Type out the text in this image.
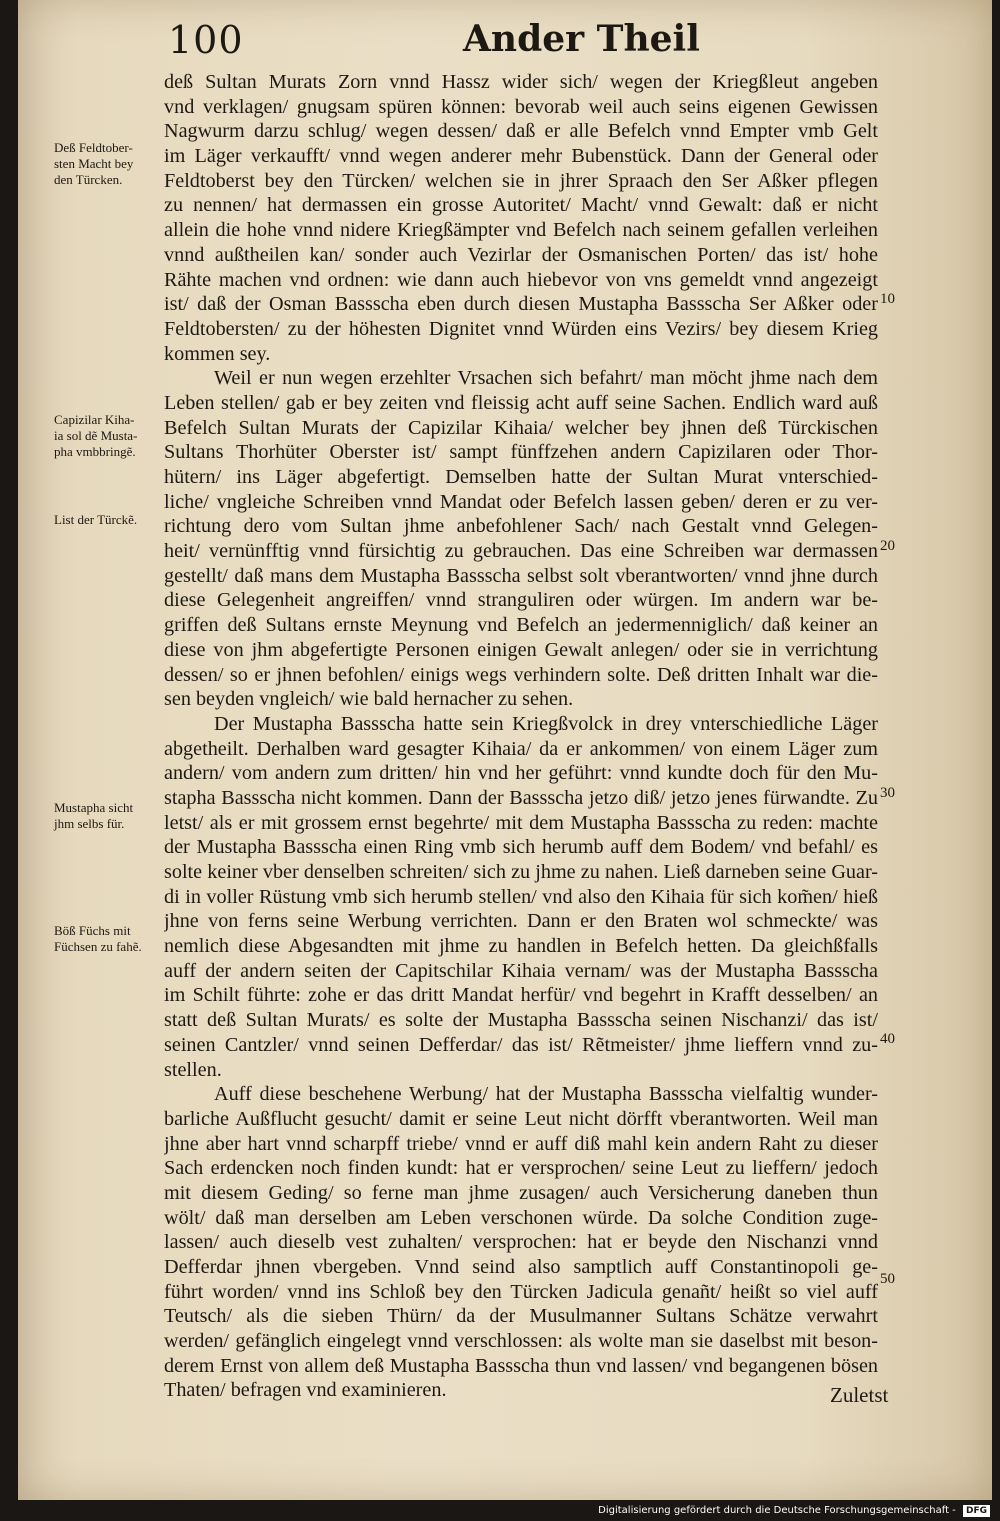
100	Ander Theil
deß Sultan Murats Zorn vnnd Hassz wider sich/ wegen der Kriegßleut angeben
vnd verklagen/ gnugsam spüren können: bevorab weil auch seins eigenen Gewissen
Nagwurm darzu schlug/ wegen dessen/ daß er alle Befelch vnnd Empter vmb Gelt
im Läger verkaufft/ vnnd wegen anderer mehr Bubenstück. Dann der General oder
Feldtoberst bey den Türcken/ welchen sie in jhrer Spraach den Ser Aßker pflegen
zu nennen/ hat dermassen ein grosse Autoritet/ Macht/ vnnd Gewalt: daß er nicht
allein die hohe vnnd nidere Kriegßämpter vnd Befelch nach seinem gefallen verleihen
vnnd außtheilen kan/ sonder auch Vezirlar der Osmanischen Porten/ das ist/ hohe
Rähte machen vnd ordnen: wie dann auch hiebevor von vns gemeldt vnnd angezeigt
ist/ daß der Osman Bassscha eben durch diesen Mustapha Bassscha Ser Aßker oder
Feldtobersten/ zu der höhesten Dignitet vnnd Würden eins Vezirs/ bey diesem Krieg
kommen sey.
Weil er nun wegen erzehlter Vrsachen sich befahrt/ man möcht jhme nach dem
Leben stellen/ gab er bey zeiten vnd fleissig acht auff seine Sachen. Endlich ward auß
Befelch Sultan Murats der Capizilar Kihaia/ welcher bey jhnen deß Türckischen
Sultans Thorhüter Oberster ist/ sampt fünffzehen andern Capizilaren oder Thor-
hütern/ ins Läger abgefertigt. Demselben hatte der Sultan Murat vnterschied-
liche/ vngleiche Schreiben vnnd Mandat oder Befelch lassen geben/ deren er zu ver-
richtung dero vom Sultan jhme anbefohlener Sach/ nach Gestalt vnnd Gelegen-
heit/ vernünfftig vnnd fürsichtig zu gebrauchen. Das eine Schreiben war dermassen
gestellt/ daß mans dem Mustapha Bassscha selbst solt vberantworten/ vnnd jhne durch
diese Gelegenheit angreiffen/ vnnd stranguliren oder würgen. Im andern war be-
griffen deß Sultans ernste Meynung vnd Befelch an jedermenniglich/ daß keiner an
diese von jhm abgefertigte Personen einigen Gewalt anlegen/ oder sie in verrichtung
dessen/ so er jhnen befohlen/ einigs wegs verhindern solte. Deß dritten Inhalt war die-
sen beyden vngleich/ wie bald hernacher zu sehen.
Der Mustapha Bassscha hatte sein Kriegßvolck in drey vnterschiedliche Läger
abgetheilt. Derhalben ward gesagter Kihaia/ da er ankommen/ von einem Läger zum
andern/ vom andern zum dritten/ hin vnd her geführt: vnnd kundte doch für den Mu-
stapha Bassscha nicht kommen. Dann der Bassscha jetzo diß/ jetzo jenes fürwandte. Zu
letst/ als er mit grossem ernst begehrte/ mit dem Mustapha Bassscha zu reden: machte
der Mustapha Bassscha einen Ring vmb sich herumb auff dem Bodem/ vnd befahl/ es
solte keiner vber denselben schreiten/ sich zu jhme zu nahen. Ließ darneben seine Guar-
di in voller Rüstung vmb sich herumb stellen/ vnd also den Kihaia für sich kom̃en/ hieß
jhne von ferns seine Werbung verrichten. Dann er den Braten wol schmeckte/ was
nemlich diese Abgesandten mit jhme zu handlen in Befelch hetten. Da gleichßfalls
auff der andern seiten der Capitschilar Kihaia vernam/ was der Mustapha Bassscha
im Schilt führte: zohe er das dritt Mandat herfür/ vnd begehrt in Krafft desselben/ an
statt deß Sultan Murats/ es solte der Mustapha Bassscha seinen Nischanzi/ das ist/
seinen Cantzler/ vnnd seinen Defferdar/ das ist/ Rẽtmeister/ jhme lieffern vnnd zu-
stellen.
Auff diese beschehene Werbung/ hat der Mustapha Bassscha vielfaltig wunder-
barliche Außflucht gesucht/ damit er seine Leut nicht dörfft vberantworten. Weil man
jhne aber hart vnnd scharpff triebe/ vnnd er auff diß mahl kein andern Raht zu dieser
Sach erdencken noch finden kundt: hat er versprochen/ seine Leut zu lieffern/ jedoch
mit diesem Geding/ so ferne man jhme zusagen/ auch Versicherung daneben thun
wölt/ daß man derselben am Leben verschonen würde. Da solche Condition zuge-
lassen/ auch dieselb vest zuhalten/ versprochen: hat er beyde den Nischanzi vnnd
Defferdar jhnen vbergeben. Vnnd seind also samptlich auff Constantinopoli ge-
führt worden/ vnnd ins Schloß bey den Türcken Jadicula genañt/ heißt so viel auff
Teutsch/ als die sieben Thürn/ da der Musulmanner Sultans Schätze verwahrt
werden/ gefänglich eingelegt vnnd verschlossen: als wolte man sie daselbst mit beson-
derem Ernst von allem deß Mustapha Bassscha thun vnd lassen/ vnd begangenen bösen
Thaten/ befragen vnd examinieren.
Deß Feldtober-
sten Macht bey
den Türcken.
Capizilar Kiha-
ia sol dẽ Musta-
pha vmbbringẽ.
List der Türckẽ.
Mustapha sicht
jhm selbs für.
Böß Füchs mit
Füchsen zu fahẽ.
10
20
30
40
50
Zuletst
Digitalisierung gefördert durch die Deutsche Forschungsgemeinschaft - DFG
